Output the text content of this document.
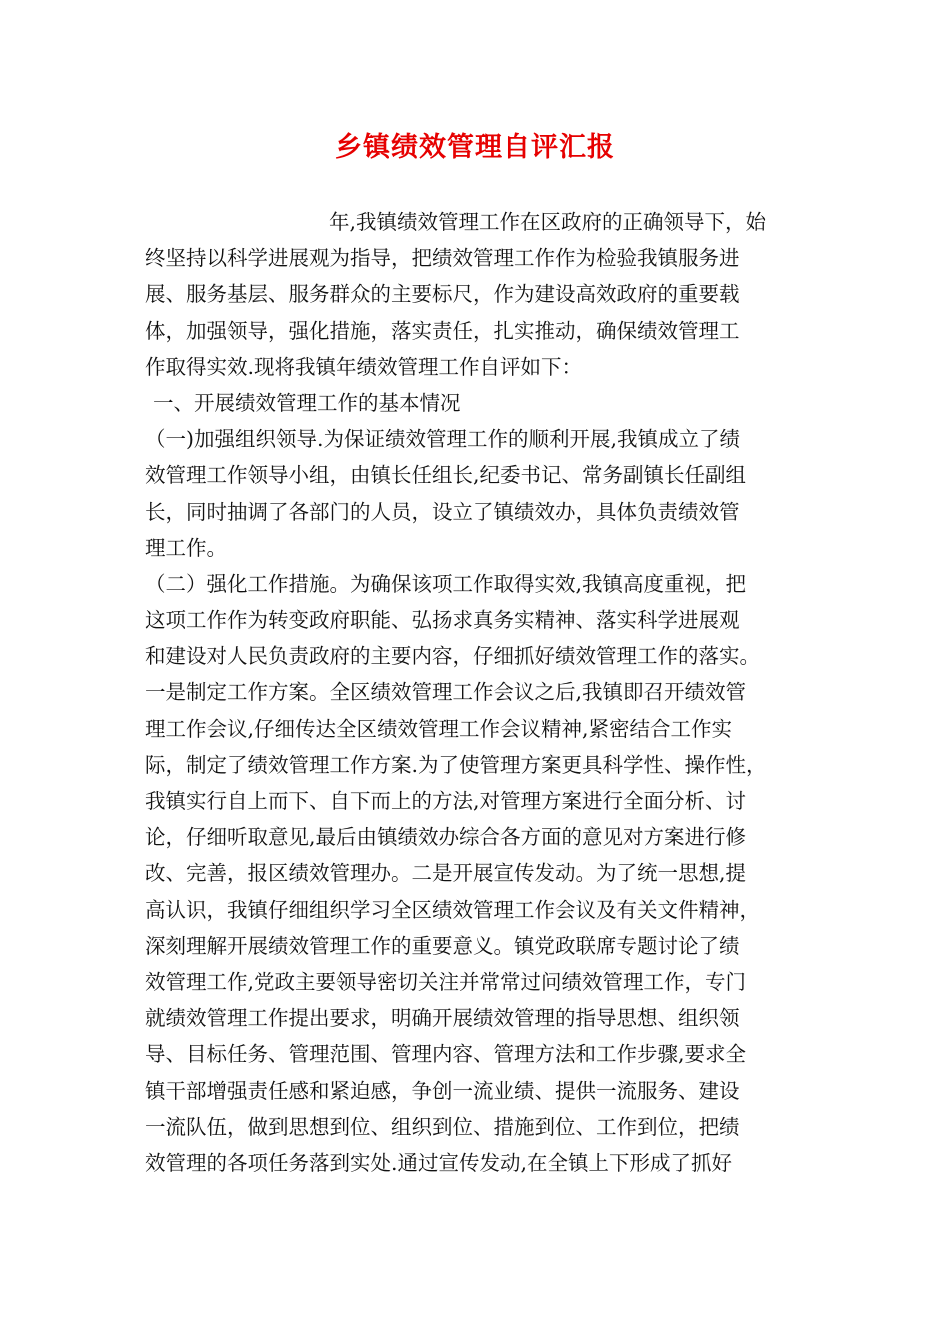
乡镇绩效管理自评汇报
年,我镇绩效管理工作在区政府的正确领导下，始
终坚持以科学进展观为指导，把绩效管理工作作为检验我镇服务进
展、服务基层、服务群众的主要标尺，作为建设高效政府的重要载
体，加强领导，强化措施，落实责任，扎实推动，确保绩效管理工
作取得实效.现将我镇年绩效管理工作自评如下：
一、开展绩效管理工作的基本情况
（一)加强组织领导.为保证绩效管理工作的顺利开展,我镇成立了绩
效管理工作领导小组，由镇长任组长,纪委书记、常务副镇长任副组
长，同时抽调了各部门的人员，设立了镇绩效办，具体负责绩效管
理工作。
（二）强化工作措施。为确保该项工作取得实效,我镇高度重视，把
这项工作作为转变政府职能、弘扬求真务实精神、落实科学进展观
和建设对人民负责政府的主要内容，仔细抓好绩效管理工作的落实。
一是制定工作方案。全区绩效管理工作会议之后,我镇即召开绩效管
理工作会议,仔细传达全区绩效管理工作会议精神,紧密结合工作实
际，制定了绩效管理工作方案.为了使管理方案更具科学性、操作性，
我镇实行自上而下、自下而上的方法,对管理方案进行全面分析、讨
论，仔细听取意见,最后由镇绩效办综合各方面的意见对方案进行修
改、完善，报区绩效管理办。二是开展宣传发动。为了统一思想,提
高认识，我镇仔细组织学习全区绩效管理工作会议及有关文件精神，
深刻理解开展绩效管理工作的重要意义。镇党政联席专题讨论了绩
效管理工作,党政主要领导密切关注并常常过问绩效管理工作，专门
就绩效管理工作提出要求，明确开展绩效管理的指导思想、组织领
导、目标任务、管理范围、管理内容、管理方法和工作步骤,要求全
镇干部增强责任感和紧迫感，争创一流业绩、提供一流服务、建设
一流队伍，做到思想到位、组织到位、措施到位、工作到位，把绩
效管理的各项任务落到实处.通过宣传发动,在全镇上下形成了抓好
